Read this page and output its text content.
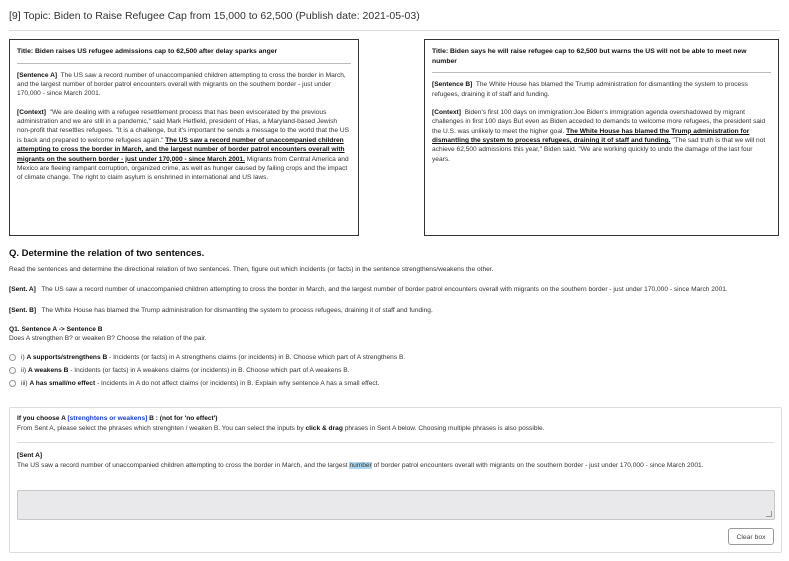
[9] Topic: Biden to Raise Refugee Cap from 15,000 to 62,500 (Publish date: 2021-05-03)
Title: Biden raises US refugee admissions cap to 62,500 after delay sparks anger

[Sentence A] The US saw a record number of unaccompanied children attempting to cross the border in March, and the largest number of border patrol encounters overall with migrants on the southern border - just under 170,000 - since March 2001.

[Context] "We are dealing with a refugee resettlement process that has been eviscerated by the previous administration and we are still in a pandemic," said Mark Hetfield, president of Hias, a Maryland-based Jewish non-profit that resettles refugees. "It is a challenge, but it's important he sends a message to the world that the US is back and prepared to welcome refugees again." The US saw a record number of unaccompanied children attempting to cross the border in March, and the largest number of border patrol encounters overall with migrants on the southern border - just under 170,000 - since March 2001. Migrants from Central America and Mexico are fleeing rampant corruption, organized crime, as well as hunger caused by failing crops and the impact of climate change. The right to claim asylum is enshrined in international and US laws.

Title: Biden says he will raise refugee cap to 62,500 but warns the US will not be able to meet new number

[Sentence B] The White House has blamed the Trump administration for dismantling the system to process refugees, draining it of staff and funding.

[Context] Biden's first 100 days on immigration:Joe Biden's immigration agenda overshadowed by migrant challenges in first 100 days But even as Biden acceded to demands to welcome more refugees, the president said the U.S. was unlikely to meet the higher goal. The White House has blamed the Trump administration for dismantling the system to process refugees, draining it of staff and funding. "The sad truth is that we will not achieve 62,500 admissions this year," Biden said. "We are working quickly to undo the damage of the last four years.

Q. Determine the relation of two sentences.
Read the sentences and determine the directional relation of two sentences. Then, figure out which incidents (or facts) in the sentence strengthens/weakens the other.
[Sent. A] The US saw a record number of unaccompanied children attempting to cross the border in March, and the largest number of border patrol encounters overall with migrants on the southern border - just under 170,000 - since March 2001.
[Sent. B] The White House has blamed the Trump administration for dismantling the system to process refugees, draining it of staff and funding.
Q1. Sentence A -> Sentence B
Does A strengthen B? or weaken B? Choose the relation of the pair.
i) A supports/strengthens B - Incidents (or facts) in A strengthens claims (or incidents) in B. Choose which part of A strengthens B.
ii) A weakens B - Incidents (or facts) in A weakens claims (or incidents) in B. Choose which part of A weakens B.
iii) A has small/no effect - Incidents in A do not affect claims (or incidents) in B. Explain why sentence A has a small effect.
If you choose A [strenghtens or weakens] B : (not for 'no effect')
From Sent A, please select the phrases which strenghten / weaken B. You can select the inputs by click & drag phrases in Sent A below. Choosing multiple phrases is also possible.
[Sent A]
The US saw a record number of unaccompanied children attempting to cross the border in March, and the largest number of border patrol encounters overall with migrants on the southern border - just under 170,000 - since March 2001.
Clear box
